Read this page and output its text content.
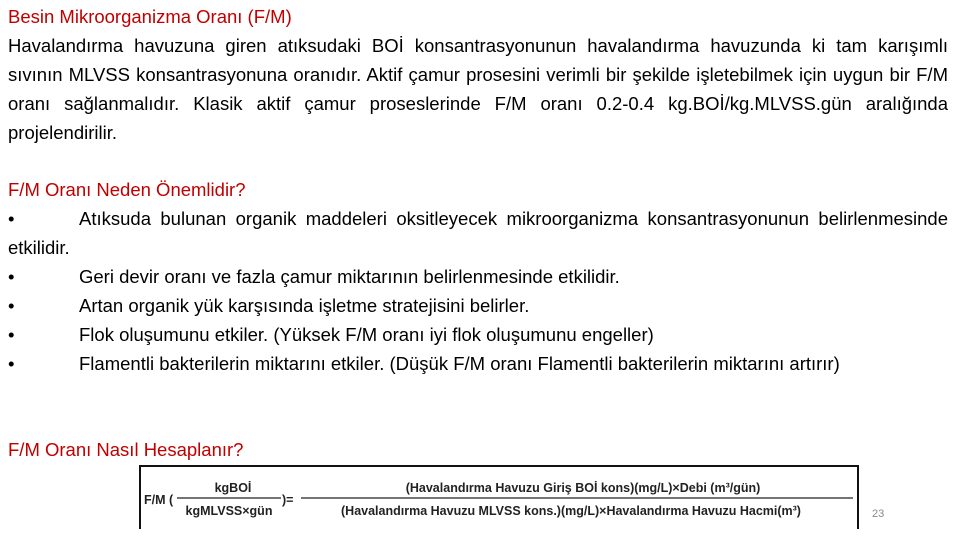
Besin Mikroorganizma Oranı (F/M)
Havalandırma havuzuna giren atıksudaki BOİ konsantrasyonunun havalandırma havuzunda ki tam karışımlı sıvının MLVSS konsantrasyonuna oranıdır. Aktif çamur prosesini verimli bir şekilde işletebilmek için uygun bir F/M oranı sağlanmalıdır. Klasik aktif çamur proseslerinde F/M oranı 0.2-0.4 kg.BOİ/kg.MLVSS.gün aralığında projelendirilir.
F/M Oranı Neden Önemlidir?
•	Atıksuda bulunan organik maddeleri oksitleyecek mikroorganizma konsantrasyonunun belirlenmesinde etkilidir.
•	Geri devir oranı ve fazla çamur miktarının belirlenmesinde etkilidir.
•	Artan organik yük karşısında işletme stratejisini belirler.
•	Flok oluşumunu etkiler. (Yüksek F/M oranı iyi flok oluşumunu engeller)
•	Flamentli bakterilerin miktarını etkiler. (Düşük F/M oranı Flamentli bakterilerin miktarını artırır)
F/M Oranı Nasıl Hesaplanır?
F/M (
kgBOİ
kgMLVSS×gün
)=
(Havalandırma Havuzu Giriş BOİ kons)(mg/L)×Debi (m³/gün)
(Havalandırma Havuzu MLVSS kons.)(mg/L)×Havalandırma Havuzu Hacmi(m³)	23
